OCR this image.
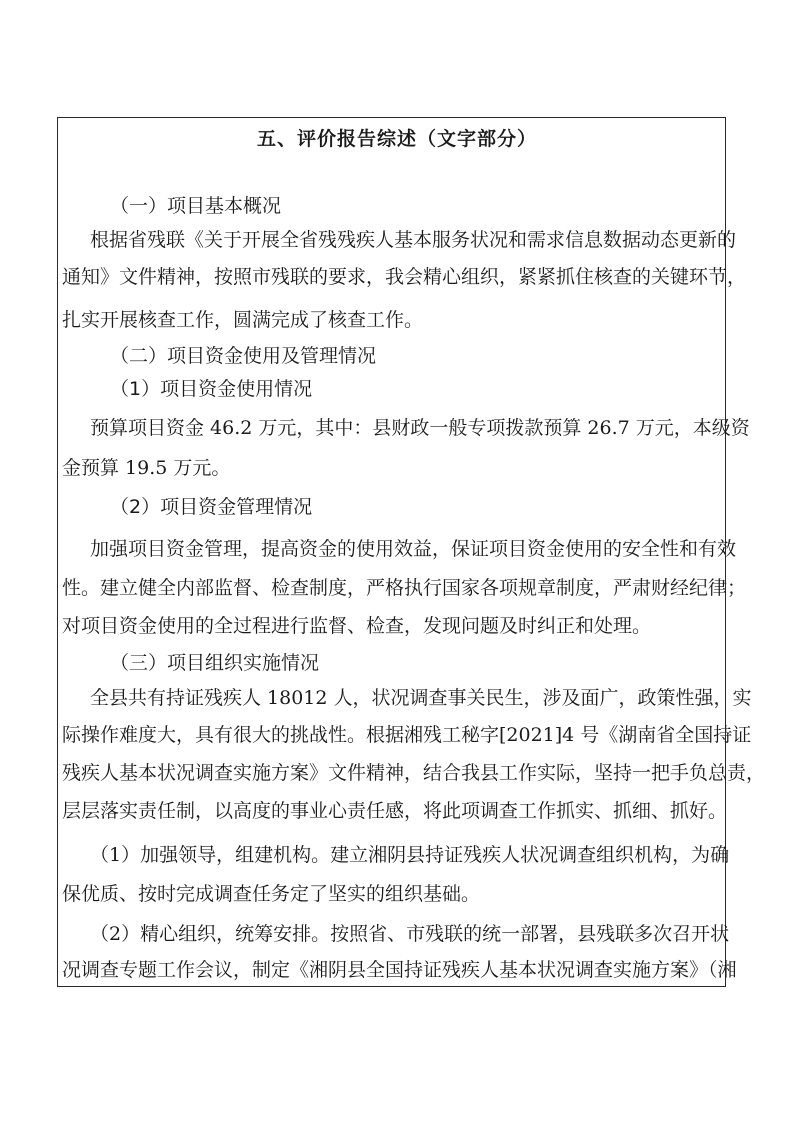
五、评价报告综述（文字部分）
（一）项目基本概况
根据省残联《关于开展全省残残疾人基本服务状况和需求信息数据动态更新的
通知》文件精神，按照市残联的要求，我会精心组织，紧紧抓住核查的关键环节，
扎实开展核查工作，圆满完成了核查工作。
（二）项目资金使用及管理情况
（1）项目资金使用情况
预算项目资金 46.2 万元，其中：县财政一般专项拨款预算 26.7 万元，本级资
金预算 19.5 万元。
（2）项目资金管理情况
加强项目资金管理，提高资金的使用效益，保证项目资金使用的安全性和有效
性。建立健全内部监督、检查制度，严格执行国家各项规章制度，严肃财经纪律；
对项目资金使用的全过程进行监督、检查，发现问题及时纠正和处理。
（三）项目组织实施情况
全县共有持证残疾人 18012 人，状况调查事关民生，涉及面广，政策性强，实
际操作难度大，具有很大的挑战性。根据湘残工秘字[2021]4 号《湖南省全国持证
残疾人基本状况调查实施方案》文件精神，结合我县工作实际，坚持一把手负总责，
层层落实责任制，以高度的事业心责任感，将此项调查工作抓实、抓细、抓好。
（1）加强领导，组建机构。建立湘阴县持证残疾人状况调查组织机构，为确
保优质、按时完成调查任务定了坚实的组织基础。
（2）精心组织，统筹安排。按照省、市残联的统一部署，县残联多次召开状
况调查专题工作会议，制定《湘阴县全国持证残疾人基本状况调查实施方案》（湘
